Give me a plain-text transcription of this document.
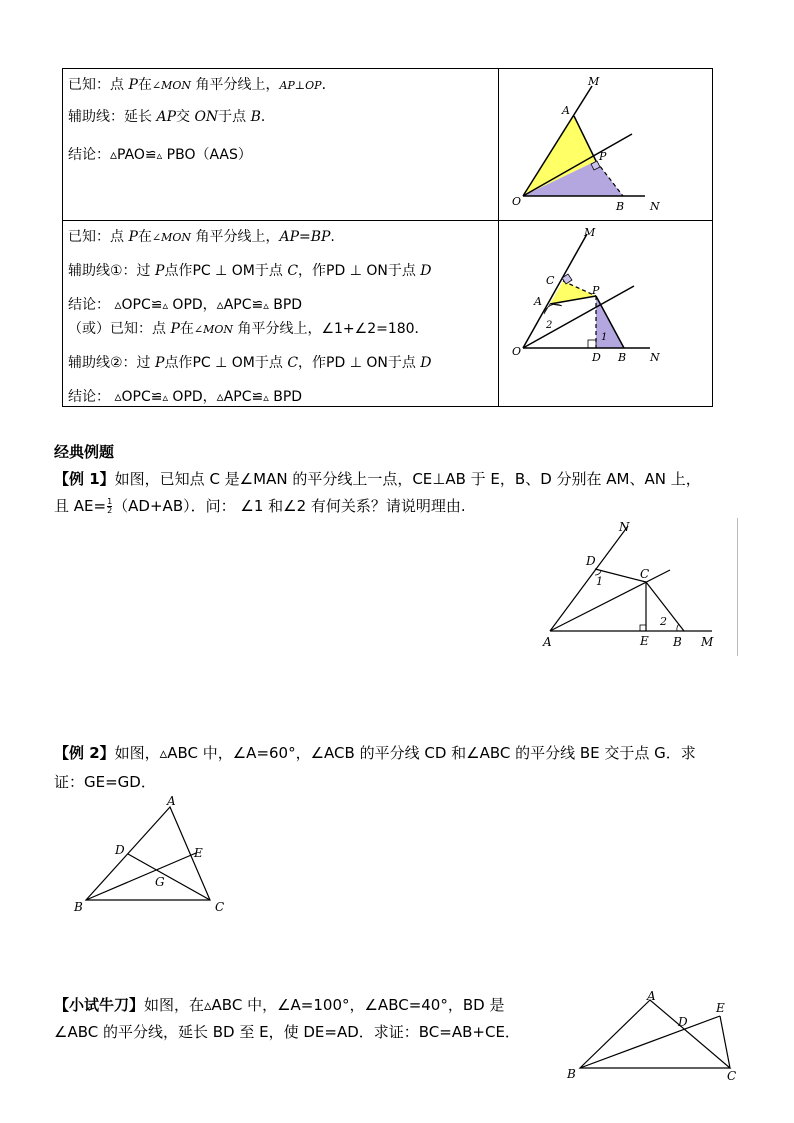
已知：点 P在∠MON 角平分线上，AP⊥OP．
辅助线：延长 AP交 ON于点 B．
结论：▵PAO≌▵ PBO（AAS）
已知：点 P在∠MON 角平分线上，AP=BP.
辅助线①：过 P点作PC ⊥ OM于点 C，作PD ⊥ ON于点 D
结论： ▵OPC≌▵ OPD，▵APC≌▵ BPD
（或）已知：点 P在∠MON 角平分线上，∠1+∠2=180．
辅助线②：过 P点作PC ⊥ OM于点 C，作PD ⊥ ON于点 D
结论： ▵OPC≌▵ OPD，▵APC≌▵ BPD
M
A
P
O	B N
M
C
A
P
2
1
O	D B N
经典例题
【例 1】如图，已知点 C 是∠MAN 的平分线上一点，CE⊥AB 于 E，B、D 分别在 AM、AN 上，
且 $AE= \frac{1}{2} (AD+AB)$．问： ∠1 和∠2 有何关系？请说明理由.
N
D
1
C
2
A	E B M
【例 2】如图，▵ABC 中，∠A=60°，∠ACB 的平分线 CD 和∠ABC 的平分线 BE 交于点 G．求
证：GE=GD．
A
D	E
G
B	C
【小试牛刀】如图，在▵ABC 中，∠A=100°，∠ABC=40°，BD 是
∠ABC 的平分线，延长 BD 至 E，使 DE=AD．求证：BC=AB+CE．
A
E
D
B	C
